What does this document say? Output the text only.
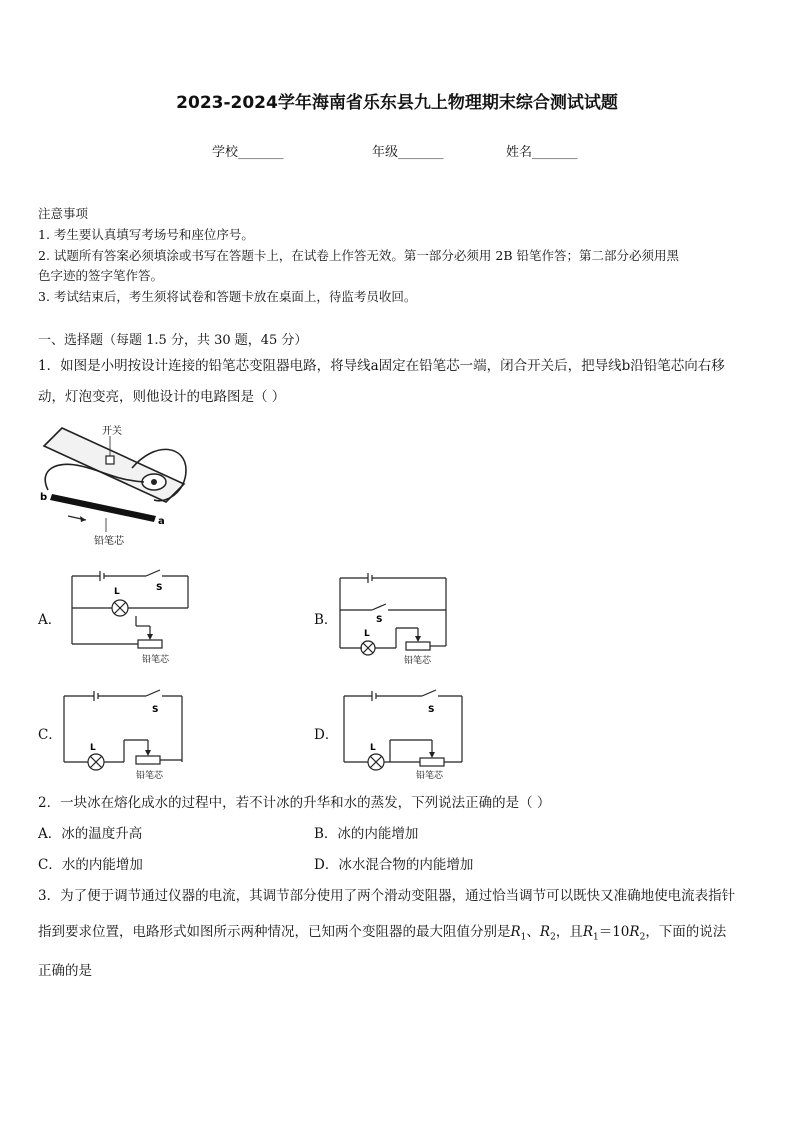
2023-2024学年海南省乐东县九上物理期末综合测试试题
学校_______	年级_______	姓名_______
注意事项
1. 考生要认真填写考场号和座位序号。
2. 试题所有答案必须填涂或书写在答题卡上，在试卷上作答无效。第一部分必须用 2B 铅笔作答；第二部分必须用黑
色字迹的签字笔作答。
3. 考试结束后，考生须将试卷和答题卡放在桌面上，待监考员收回。
一、选择题（每题 1.5 分，共 30 题，45 分）
1．如图是小明按设计连接的铅笔芯变阻器电路，将导线a固定在铅笔芯一端，闭合开关后，把导线b沿铅笔芯向右移
动，灯泡变亮，则他设计的电路图是（ ）
开关
b
a
铅笔芯
A．
S
L
铅笔芯
B．	S
L
铅笔芯
C．
S
L
铅笔芯
D．
S
L
铅笔芯
2．一块冰在熔化成水的过程中，若不计冰的升华和水的蒸发，下列说法正确的是（ ）
A．冰的温度升高	B．冰的内能增加
C．水的内能增加	D．冰水混合物的内能增加
3．为了便于调节通过仪器的电流，其调节部分使用了两个滑动变阻器，通过恰当调节可以既快又准确地使电流表指针
指到要求位置，电路形式如图所示两种情况，已知两个变阻器的最大阻值分别是$R_1$、$R_2$，且$R_1=10R_2$，下面的说法
正确的是
